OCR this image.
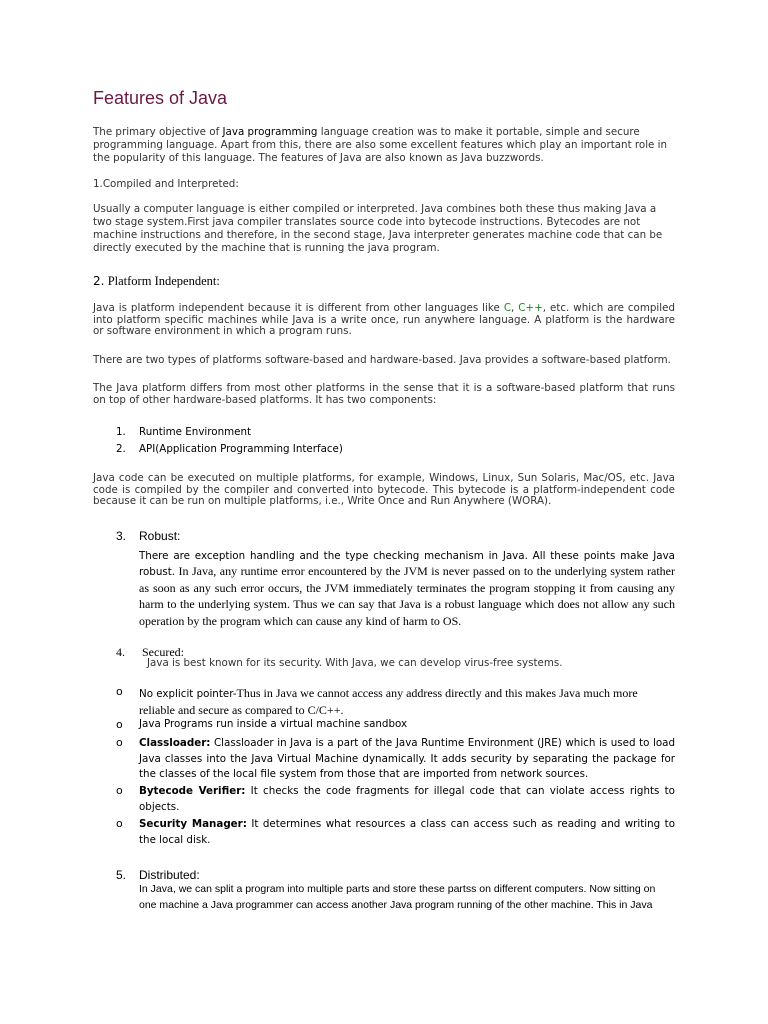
Features of Java

The primary objective of Java programming language creation was to make it portable, simple and secure programming language. Apart from this, there are also some excellent features which play an important role in the popularity of this language. The features of Java are also known as Java buzzwords.

1.Compiled and Interpreted:

Usually a computer language is either compiled or interpreted. Java combines both these thus making Java a two stage system.First java compiler translates source code into bytecode instructions. Bytecodes are not machine instructions and therefore, in the second stage, Java interpreter generates machine code that can be directly executed by the machine that is running the java program.

2. Platform Independent:

Java is platform independent because it is different from other languages like C, C++, etc. which are compiled into platform specific machines while Java is a write once, run anywhere language. A platform is the hardware or software environment in which a program runs.

There are two types of platforms software-based and hardware-based. Java provides a software-based platform.

The Java platform differs from most other platforms in the sense that it is a software-based platform that runs on top of other hardware-based platforms. It has two components:

1. Runtime Environment
2. API(Application Programming Interface)

Java code can be executed on multiple platforms, for example, Windows, Linux, Sun Solaris, Mac/OS, etc. Java code is compiled by the compiler and converted into bytecode. This bytecode is a platform-independent code because it can be run on multiple platforms, i.e., Write Once and Run Anywhere (WORA).

3. Robust:

There are exception handling and the type checking mechanism in Java. All these points make Java robust. In Java, any runtime error encountered by the JVM is never passed on to the underlying system rather as soon as any such error occurs, the JVM immediately terminates the program stopping it from causing any harm to the underlying system. Thus we can say that Java is a robust language which does not allow any such operation by the program which can cause any kind of harm to OS.

4. Secured:
Java is best known for its security. With Java, we can develop virus-free systems.
o No explicit pointer-Thus in Java we cannot access any address directly and this makes Java much more reliable and secure as compared to C/C++.

o Java Programs run inside a virtual machine sandbox

o Classloader: Classloader in Java is a part of the Java Runtime Environment (JRE) which is used to load Java classes into the Java Virtual Machine dynamically. It adds security by separating the package for the classes of the local file system from those that are imported from network sources.

o Bytecode Verifier: It checks the code fragments for illegal code that can violate access rights to objects.

o Security Manager: It determines what resources a class can access such as reading and writing to the local disk.

5. Distributed:

In Java, we can split a program into multiple parts and store these partss on different computers. Now sitting on one machine a Java programmer can access another Java program running of the other machine. This in Java
